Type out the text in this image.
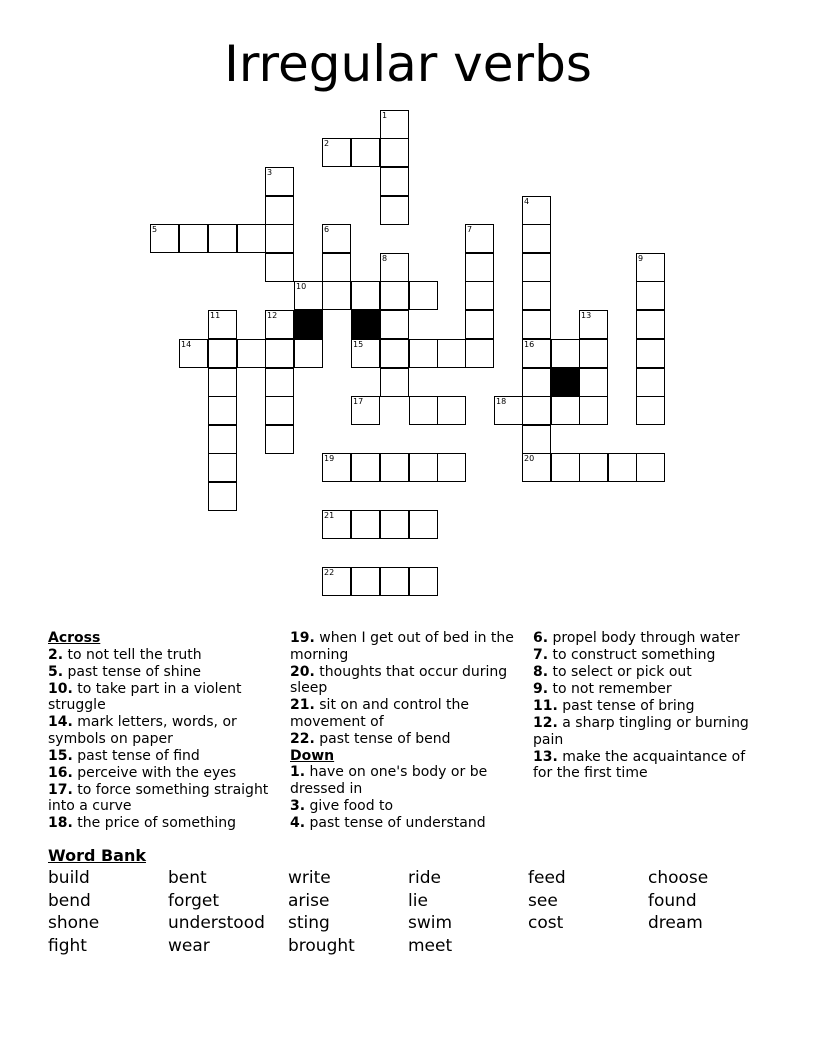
Irregular verbs
1
2
3
4
5	6	7
8	9
10
11	12	13
14	15	16
17	18
19	20
21
22
Across
2. to not tell the truth
5. past tense of shine
10. to take part in a violent struggle
14. mark letters, words, or symbols on paper
15. past tense of find
16. perceive with the eyes
17. to force something straight into a curve
18. the price of something
19. when I get out of bed in the morning
20. thoughts that occur during sleep
21. sit on and control the movement of
22. past tense of bend
Down
1. have on one's body or be dressed in
3. give food to
4. past tense of understand
6. propel body through water
7. to construct something
8. to select or pick out
9. to not remember
11. past tense of bring
12. a sharp tingling or burning pain
13. make the acquaintance of for the first time
Word Bank
build	bent	write	ride	feed	choose
bend	forget	arise	lie	see	found
shone	understood sting	swim	cost	dream
fight	wear	brought	meet
